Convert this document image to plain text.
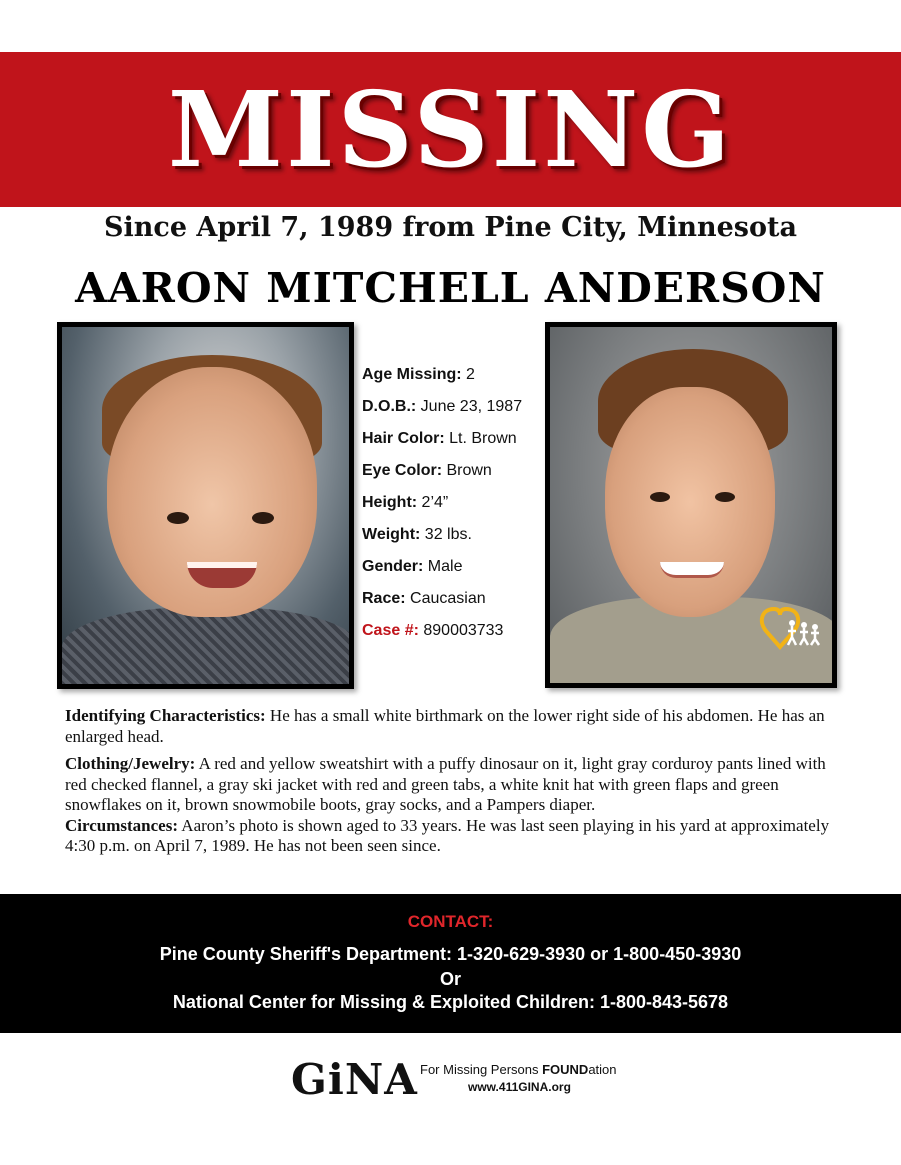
MISSING
Since April 7, 1989 from Pine City, Minnesota
AARON MITCHELL ANDERSON
Age Missing: 2
D.O.B.: June 23, 1987
Hair Color: Lt. Brown
Eye Color: Brown
Height: 2’4”
Weight: 32 lbs.
Gender: Male
Race: Caucasian
Case #: 890003733

Identifying Characteristics: He has a small white birthmark on the lower right side of his abdomen. He has an enlarged head.

Clothing/Jewelry: A red and yellow sweatshirt with a puffy dinosaur on it, light gray corduroy pants lined with red checked flannel, a gray ski jacket with red and green tabs, a white knit hat with green flaps and green snowflakes on it, brown snowmobile boots, gray socks, and a Pampers diaper.

Circumstances: Aaron’s photo is shown aged to 33 years. He was last seen playing in his yard at approximately 4:30 p.m. on April 7, 1989. He has not been seen since.

CONTACT:
Pine County Sheriff's Department: 1-320-629-3930 or 1-800-450-3930
Or
National Center for Missing & Exploited Children: 1-800-843-5678
GiNA For Missing Persons FOUNDation
www.411GINA.org
